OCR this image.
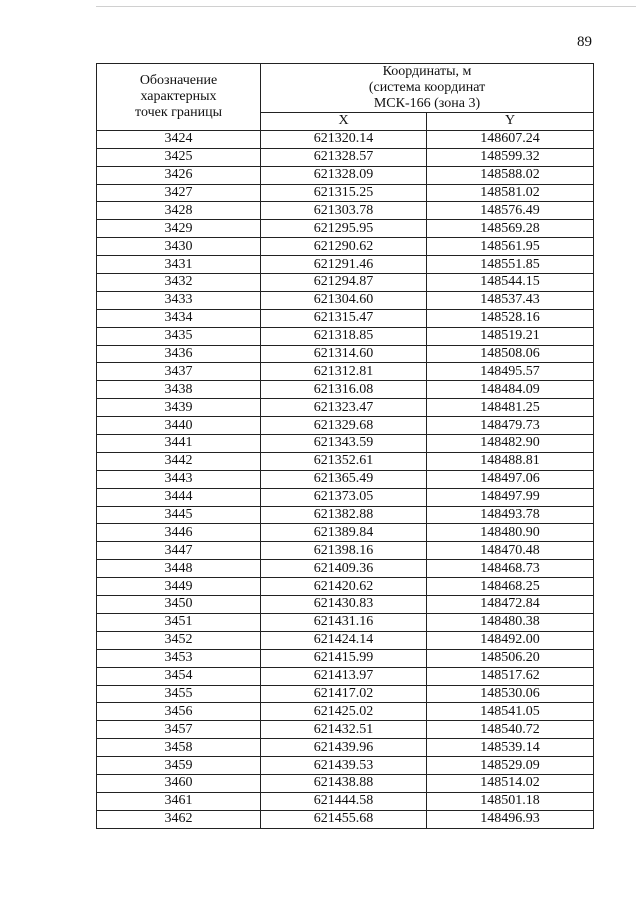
89
Обозначение
характерных
точек границы	Координаты, м
(система координат
МСК-166 (зона 3)	

	X	Y
3424	621320.14	148607.24
3425	621328.57	148599.32
3426	621328.09	148588.02
3427	621315.25	148581.02
3428	621303.78	148576.49
3429	621295.95	148569.28
3430	621290.62	148561.95
3431	621291.46	148551.85
3432	621294.87	148544.15
3433	621304.60	148537.43
3434	621315.47	148528.16
3435	621318.85	148519.21
3436	621314.60	148508.06
3437	621312.81	148495.57
3438	621316.08	148484.09
3439	621323.47	148481.25
3440	621329.68	148479.73
3441	621343.59	148482.90
3442	621352.61	148488.81
3443	621365.49	148497.06
3444	621373.05	148497.99
3445	621382.88	148493.78
3446	621389.84	148480.90
3447	621398.16	148470.48
3448	621409.36	148468.73
3449	621420.62	148468.25
3450	621430.83	148472.84
3451	621431.16	148480.38
3452	621424.14	148492.00
3453	621415.99	148506.20
3454	621413.97	148517.62
3455	621417.02	148530.06
3456	621425.02	148541.05
3457	621432.51	148540.72
3458	621439.96	148539.14
3459	621439.53	148529.09
3460	621438.88	148514.02
3461	621444.58	148501.18
3462	621455.68	148496.93
